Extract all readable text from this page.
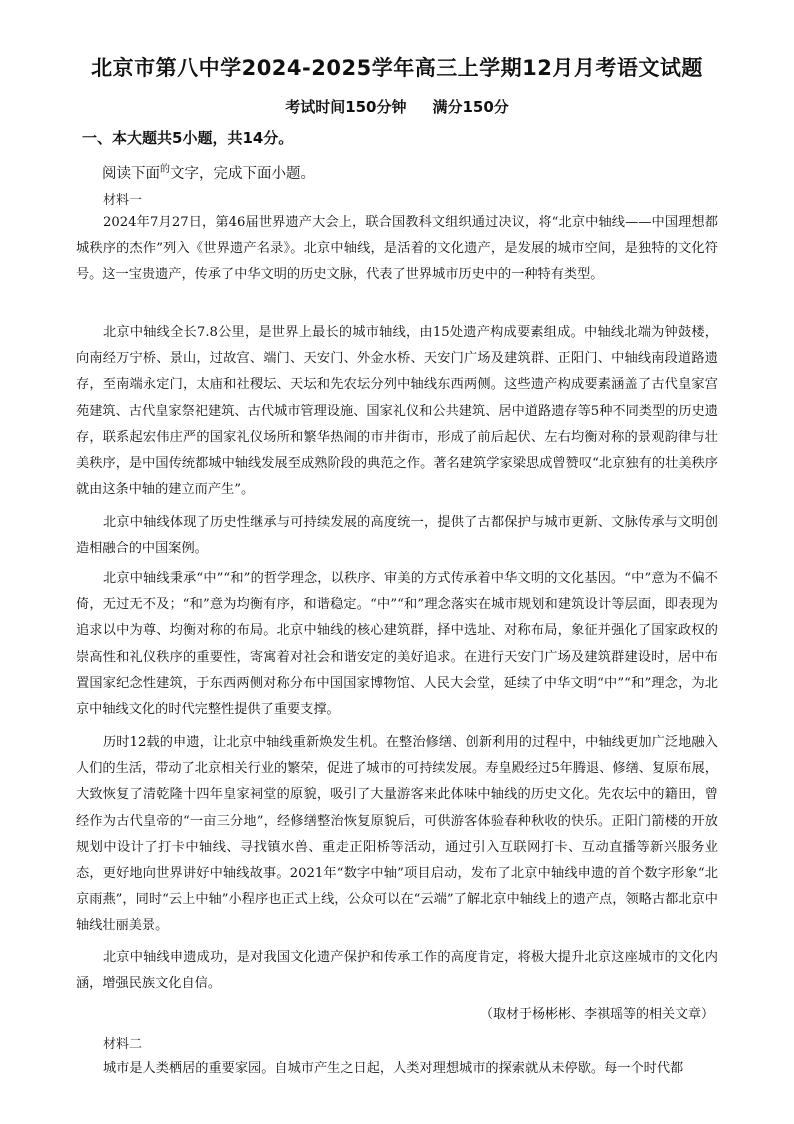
北京市第八中学2024-2025学年高三上学期12月月考语文试题
考试时间150分钟 满分150分
一、本大题共5小题，共14分。
阅读下面$^的$文字，完成下面小题。
材料一

2024年7月27日，第46届世界遗产大会上，联合国教科文组织通过决议，将“北京中轴线——中国理想都城秩序的杰作”列入《世界遗产名录》。北京中轴线，是活着的文化遗产，是发展的城市空间，是独特的文化符号。这一宝贵遗产，传承了中华文明的历史文脉，代表了世界城市历史中的一种特有类型。

北京中轴线全长7.8公里，是世界上最长的城市轴线，由15处遗产构成要素组成。中轴线北端为钟鼓楼，向南经万宁桥、景山，过故宫、端门、天安门、外金水桥、天安门广场及建筑群、正阳门、中轴线南段道路遗存，至南端永定门，太庙和社稷坛、天坛和先农坛分列中轴线东西两侧。这些遗产构成要素涵盖了古代皇家宫苑建筑、古代皇家祭祀建筑、古代城市管理设施、国家礼仪和公共建筑、居中道路遗存等5种不同类型的历史遗存，联系起宏伟庄严的国家礼仪场所和繁华热闹的市井街市，形成了前后起伏、左右均衡对称的景观韵律与壮美秩序，是中国传统都城中轴线发展至成熟阶段的典范之作。著名建筑学家梁思成曾赞叹“北京独有的壮美秩序就由这条中轴的建立而产生”。

北京中轴线体现了历史性继承与可持续发展的高度统一，提供了古都保护与城市更新、文脉传承与文明创造相融合的中国案例。

北京中轴线秉承“中”“和”的哲学理念，以秩序、审美的方式传承着中华文明的文化基因。“中”意为不偏不倚，无过无不及；“和”意为均衡有序，和谐稳定。“中”“和”理念落实在城市规划和建筑设计等层面，即表现为追求以中为尊、均衡对称的布局。北京中轴线的核心建筑群，择中选址、对称布局，象征并强化了国家政权的崇高性和礼仪秩序的重要性，寄寓着对社会和谐安定的美好追求。在进行天安门广场及建筑群建设时，居中布置国家纪念性建筑，于东西两侧对称分布中国国家博物馆、人民大会堂，延续了中华文明“中”“和”理念，为北京中轴线文化的时代完整性提供了重要支撑。

历时12载的申遗，让北京中轴线重新焕发生机。在整治修缮、创新利用的过程中，中轴线更加广泛地融入人们的生活，带动了北京相关行业的繁荣，促进了城市的可持续发展。寿皇殿经过5年腾退、修缮、复原布展，大致恢复了清乾隆十四年皇家祠堂的原貌，吸引了大量游客来此体味中轴线的历史文化。先农坛中的籍田，曾经作为古代皇帝的“一亩三分地”，经修缮整治恢复原貌后，可供游客体验春种秋收的快乐。正阳门箭楼的开放规划中设计了打卡中轴线、寻找镇水兽、重走正阳桥等活动，通过引入互联网打卡、互动直播等新兴服务业态，更好地向世界讲好中轴线故事。2021年“数字中轴”项目启动，发布了北京中轴线申遗的首个数字形象“北京雨燕”，同时“云上中轴”小程序也正式上线，公众可以在“云端”了解北京中轴线上的遗产点，领略古都北京中轴线壮丽美景。

北京中轴线申遗成功，是对我国文化遗产保护和传承工作的高度肯定，将极大提升北京这座城市的文化内涵，增强民族文化自信。

（取材于杨彬彬、李祺瑶等的相关文章）
材料二

城市是人类栖居的重要家园。自城市产生之日起，人类对理想城市的探索就从未停歇。每一个时代都
